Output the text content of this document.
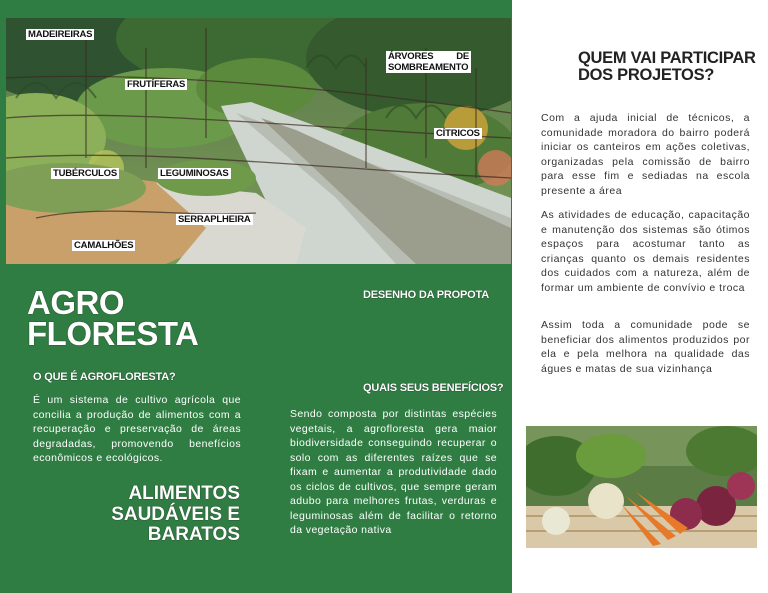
MADEIREIRAS
ÁRVORES DE SOMBREAMENTO
FRUTÍFERAS
CÍTRICOS
TUBÉRCULOS	LEGUMINOSAS
SERRAPLHEIRA
CAMALHÕES
AGRO
FLORESTA
O QUE É AGROFLORESTA?
É um sistema de cultivo agrícola que concilia a produção de alimentos com a recuperação e preservação de áreas degradadas, promovendo benefícios econômicos e ecológicos.
ALIMENTOS
SAUDÁVEIS E
BARATOS
DESENHO DA PROPOTA
QUAIS SEUS BENEFÍCIOS?
Sendo composta por distintas espécies vegetais, a agrofloresta gera maior biodiversidade conseguindo recuperar o solo com as diferentes raízes que se fixam e aumentar a produtividade dado os ciclos de cultivos, que sempre geram adubo para melhores frutas, verduras e leguminosas além de facilitar o retorno da vegetação nativa
QUEM VAI PARTICIPAR DOS PROJETOS?
Com a ajuda inicial de técnicos, a comunidade moradora do bairro poderá iniciar os canteiros em ações coletivas, organizadas pela comissão de bairro para esse fim e sediadas na escola presente a área
As atividades de educação, capacitação e manutenção dos sistemas são ótimos espaços para acostumar tanto as crianças quanto os demais residentes dos cuidados com a natureza, além de formar um ambiente de convívio e troca
Assim toda a comunidade pode se beneficiar dos alimentos produzidos por ela e pela melhora na qualidade das águes e matas de sua vizinhança
